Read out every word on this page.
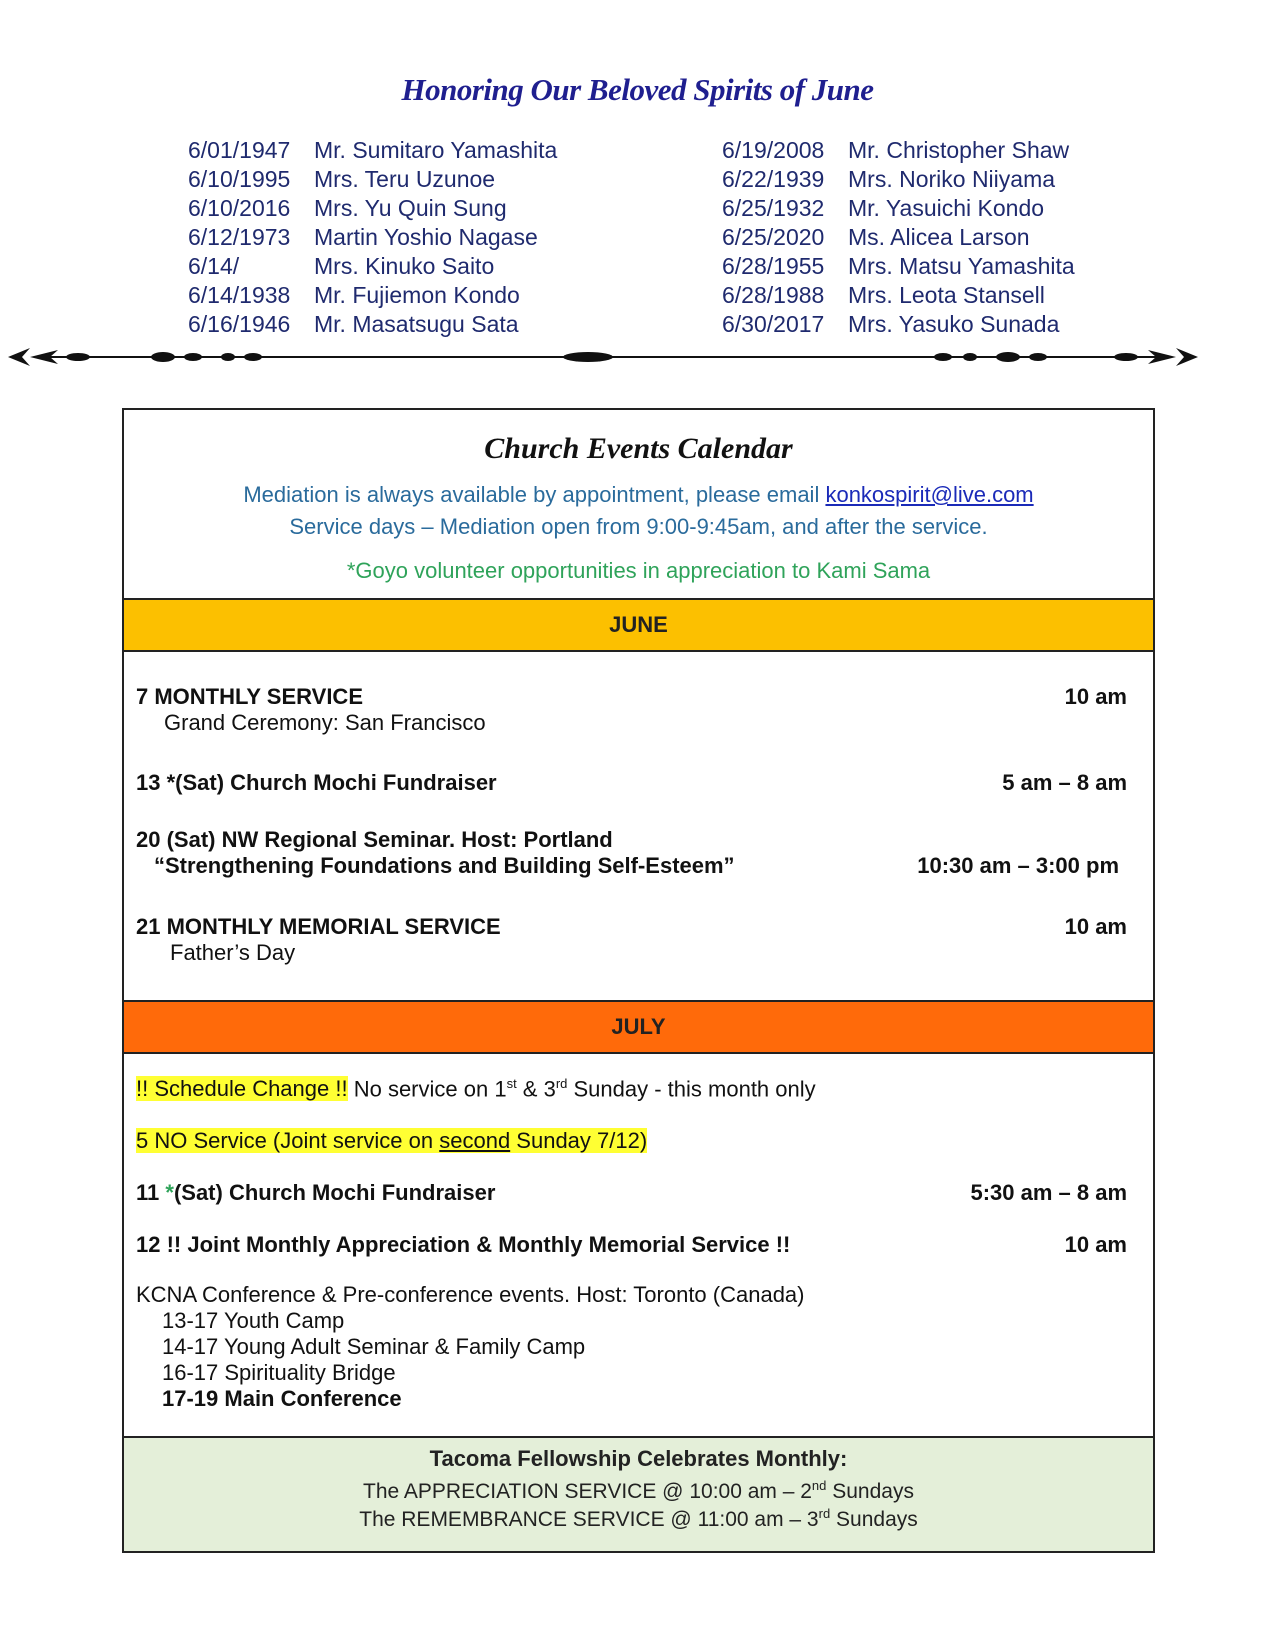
Honoring Our Beloved Spirits of June
6/01/1947	Mr. Sumitaro Yamashita
6/10/1995	Mrs. Teru Uzunoe
6/10/2016	Mrs. Yu Quin Sung
6/12/1973	Martin Yoshio Nagase
6/14/	Mrs. Kinuko Saito
6/14/1938	Mr. Fujiemon Kondo
6/16/1946	Mr. Masatsugu Sata
6/19/2008	Mr. Christopher Shaw
6/22/1939	Mrs. Noriko Niiyama
6/25/1932	Mr. Yasuichi Kondo
6/25/2020	Ms. Alicea Larson
6/28/1955	Mrs. Matsu Yamashita
6/28/1988	Mrs. Leota Stansell
6/30/2017	Mrs. Yasuko Sunada
Church Events Calendar
Mediation is always available by appointment, please email konkospirit@live.com
Service days – Mediation open from 9:00-9:45am, and after the service.
*Goyo volunteer opportunities in appreciation to Kami Sama
JUNE
7 MONTHLY SERVICE	10 am
Grand Ceremony: San Francisco
13 *(Sat) Church Mochi Fundraiser	5 am – 8 am
20 (Sat) NW Regional Seminar. Host: Portland
“Strengthening Foundations and Building Self-Esteem”	10:30 am – 3:00 pm
21 MONTHLY MEMORIAL SERVICE	10 am
Father’s Day
JULY
!! Schedule Change !! No service on 1st & 3rd Sunday - this month only
5 NO Service (Joint service on second Sunday 7/12)
11 *(Sat) Church Mochi Fundraiser	5:30 am – 8 am
12 !! Joint Monthly Appreciation & Monthly Memorial Service !!	10 am
KCNA Conference & Pre-conference events. Host: Toronto (Canada)
13-17 Youth Camp
14-17 Young Adult Seminar & Family Camp
16-17 Spirituality Bridge
17-19 Main Conference
Tacoma Fellowship Celebrates Monthly:
The APPRECIATION SERVICE @ 10:00 am – 2nd Sundays
The REMEMBRANCE SERVICE @ 11:00 am – 3rd Sundays
